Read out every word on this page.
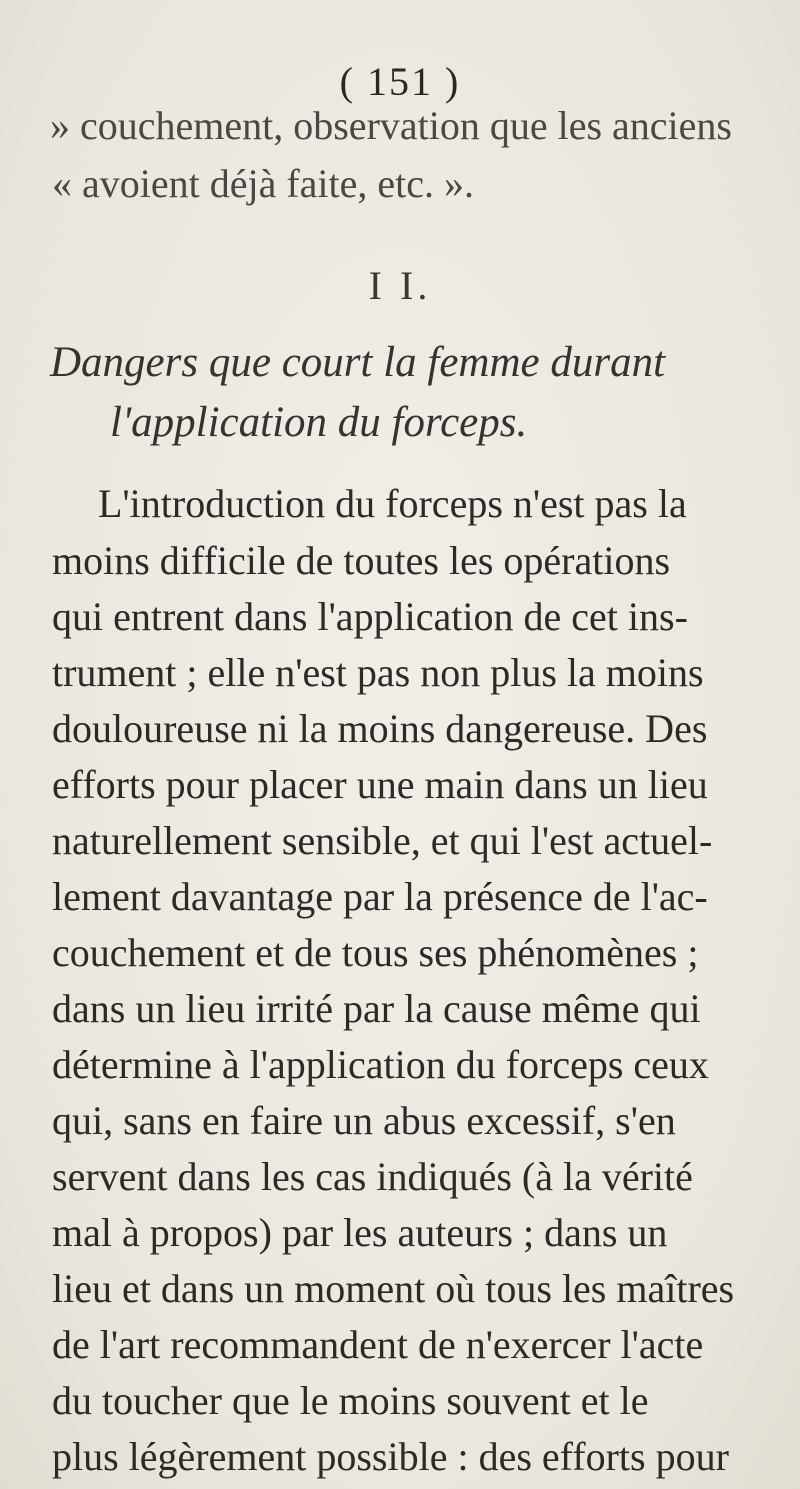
( 151 )
» couchement, observation que les anciens
« avoient déjà faite, etc. ».
I I.
Dangers que court la femme durant
l'application du forceps.
L'introduction du forceps n'est pas la
moins difficile de toutes les opérations
qui entrent dans l'application de cet ins-
trument ; elle n'est pas non plus la moins
douloureuse ni la moins dangereuse. Des
efforts pour placer une main dans un lieu
naturellement sensible, et qui l'est actuel-
lement davantage par la présence de l'ac-
couchement et de tous ses phénomènes ;
dans un lieu irrité par la cause même qui
détermine à l'application du forceps ceux
qui, sans en faire un abus excessif, s'en
servent dans les cas indiqués (à la vérité
mal à propos) par les auteurs ; dans un
lieu et dans un moment où tous les maîtres
de l'art recommandent de n'exercer l'acte
du toucher que le moins souvent et le
plus légèrement possible : des efforts pour
